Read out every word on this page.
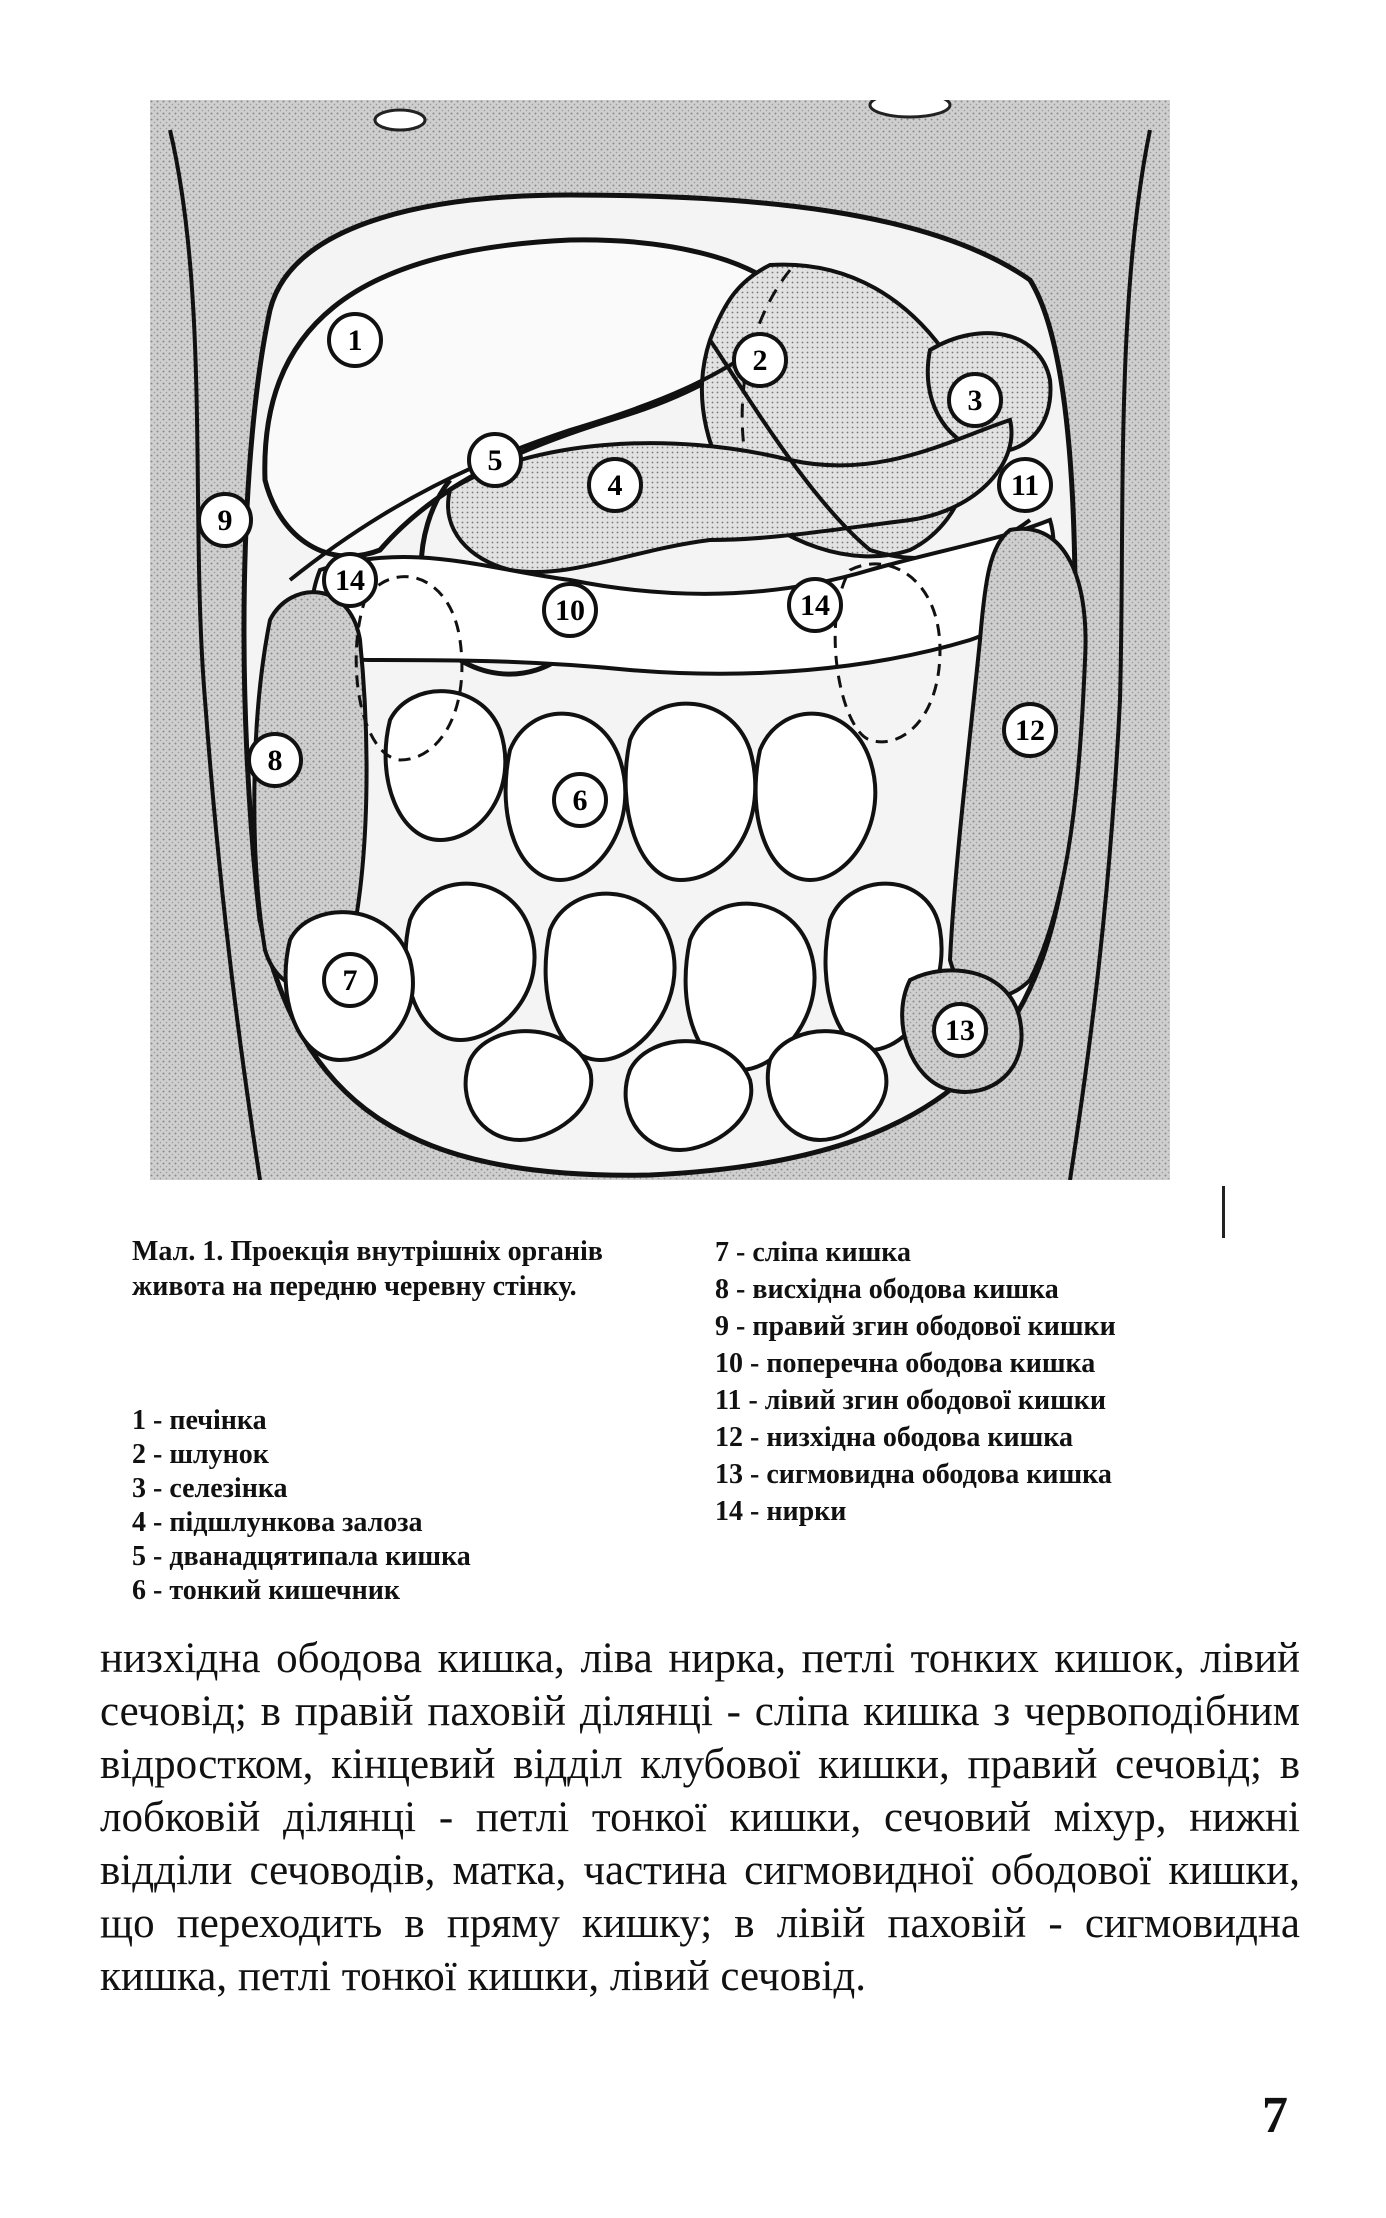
1
2
3
4
5
6
7
8
9
10
11
12
13
14
14
Мал. 1. Проекція внутрішніх органів живота на передню черевну стінку.
1 - печінка
2 - шлунок
3 - селезінка
4 - підшлункова залоза
5 - дванадцятипала кишка
6 - тонкий кишечник
7 - сліпа кишка
8 - висхідна ободова кишка
9 - правий згин ободової кишки
10 - поперечна ободова кишка
11 - лівий згин ободової кишки
12 - низхідна ободова кишка
13 - сигмовидна ободова кишка
14 - нирки

низхідна ободова кишка, ліва нирка, петлі тонких кишок, лівий сечовід; в правій паховій ділянці - сліпа кишка з червоподібним відростком, кінцевий відділ клубової кишки, правий сечовід; в лобковій ділянці - петлі тонкої кишки, сечовий міхур, нижні відділи сечоводів, матка, частина сигмовидної ободової кишки, що переходить в пряму кишку; в лівій паховій - сигмовидна кишка, петлі тонкої кишки, лівий сечовід.

7
